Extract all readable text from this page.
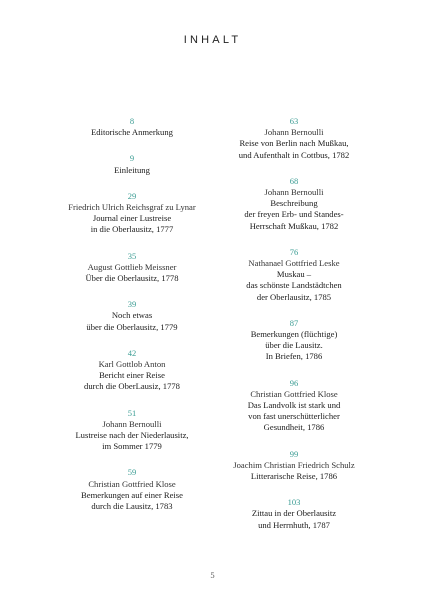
INHALT
8
Editorische Anmerkung
9
Einleitung
29
Friedrich Ulrich Reichsgraf zu Lynar
Journal einer Lustreise
in die Oberlausitz, 1777
35
August Gottlieb Meissner
Über die Oberlausitz, 1778
39
Noch etwas
über die Oberlausitz, 1779
42
Karl Gottlob Anton
Bericht einer Reise
durch die OberLausiz, 1778
51
Johann Bernoulli
Lustreise nach der Niederlausitz,
im Sommer 1779
59
Christian Gottfried Klose
Bemerkungen auf einer Reise
durch die Lausitz, 1783
63
Johann Bernoulli
Reise von Berlin nach Mußkau,
und Aufenthalt in Cottbus, 1782
68
Johann Bernoulli
Beschreibung
der freyen Erb- und Standes-
Herrschaft Mußkau, 1782
76
Nathanael Gottfried Leske
Muskau –
das schönste Landstädtchen
der Oberlausitz, 1785
87
Bemerkungen (flüchtige)
über die Lausitz.
In Briefen, 1786
96
Christian Gottfried Klose
Das Landvolk ist stark und
von fast unerschütterlicher
Gesundheit, 1786
99
Joachim Christian Friedrich Schulz
Litterarische Reise, 1786
103
Zittau in der Oberlausitz
und Herrnhuth, 1787
5
